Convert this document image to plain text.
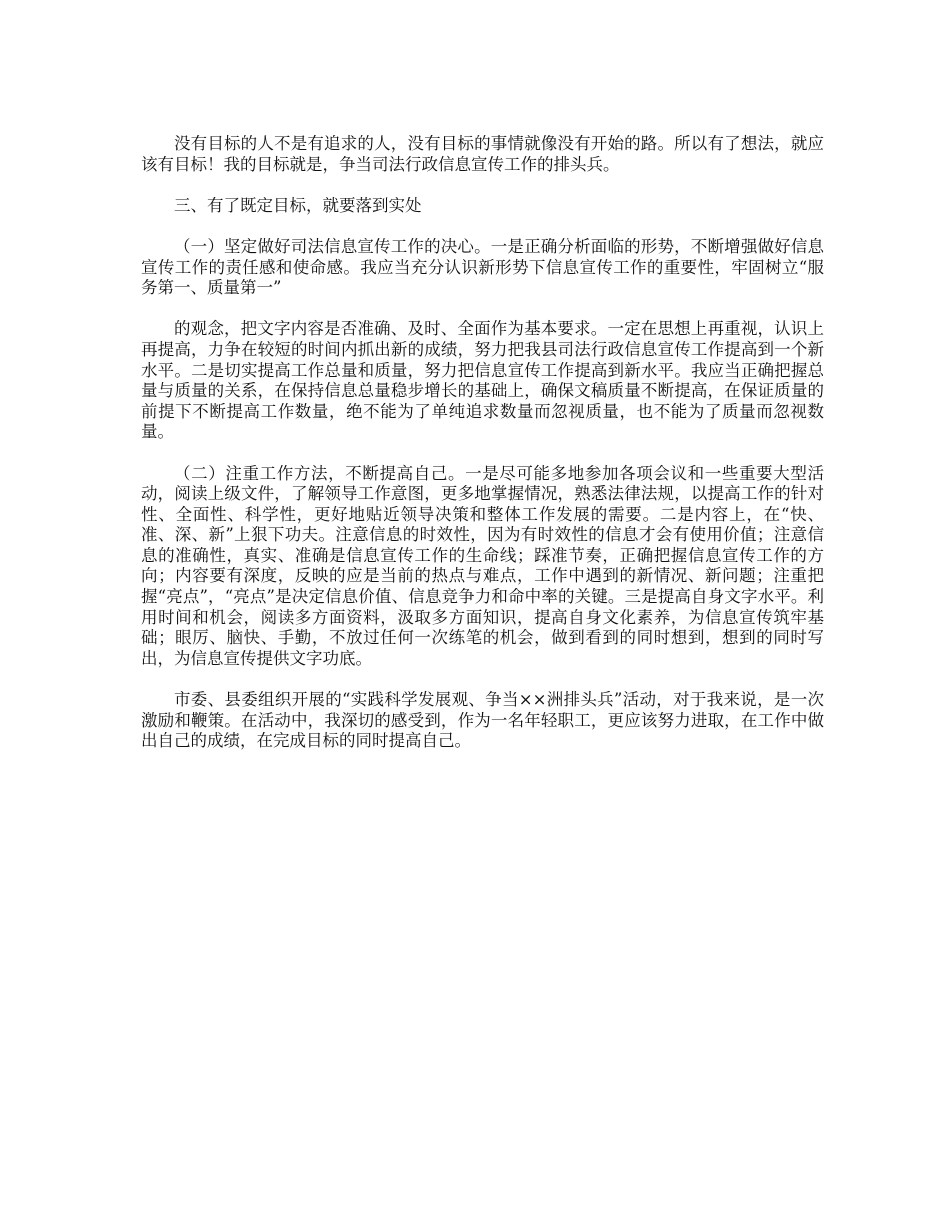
没有目标的人不是有追求的人，没有目标的事情就像没有开始的路。所以有了想法，就应该有目标！我的目标就是，争当司法行政信息宣传工作的排头兵。

三、有了既定目标，就要落到实处

（一）坚定做好司法信息宣传工作的决心。一是正确分析面临的形势，不断增强做好信息宣传工作的责任感和使命感。我应当充分认识新形势下信息宣传工作的重要性，牢固树立“服务第一、质量第一”

的观念，把文字内容是否准确、及时、全面作为基本要求。一定在思想上再重视，认识上再提高，力争在较短的时间内抓出新的成绩，努力把我县司法行政信息宣传工作提高到一个新水平。二是切实提高工作总量和质量，努力把信息宣传工作提高到新水平。我应当正确把握总量与质量的关系，在保持信息总量稳步增长的基础上，确保文稿质量不断提高，在保证质量的前提下不断提高工作数量，绝不能为了单纯追求数量而忽视质量，也不能为了质量而忽视数量。

（二）注重工作方法，不断提高自己。一是尽可能多地参加各项会议和一些重要大型活动，阅读上级文件，了解领导工作意图，更多地掌握情况，熟悉法律法规，以提高工作的针对性、全面性、科学性，更好地贴近领导决策和整体工作发展的需要。二是内容上，在“快、准、深、新”上狠下功夫。注意信息的时效性，因为有时效性的信息才会有使用价值；注意信息的准确性，真实、准确是信息宣传工作的生命线；踩准节奏，正确把握信息宣传工作的方向；内容要有深度，反映的应是当前的热点与难点，工作中遇到的新情况、新问题；注重把握“亮点”，“亮点”是决定信息价值、信息竞争力和命中率的关键。三是提高自身文字水平。利用时间和机会，阅读多方面资料，汲取多方面知识，提高自身文化素养，为信息宣传筑牢基础；眼厉、脑快、手勤，不放过任何一次练笔的机会，做到看到的同时想到，想到的同时写出，为信息宣传提供文字功底。

市委、县委组织开展的“实践科学发展观、争当××洲排头兵”活动，对于我来说，是一次激励和鞭策。在活动中，我深切的感受到，作为一名年轻职工，更应该努力进取，在工作中做出自己的成绩，在完成目标的同时提高自己。
